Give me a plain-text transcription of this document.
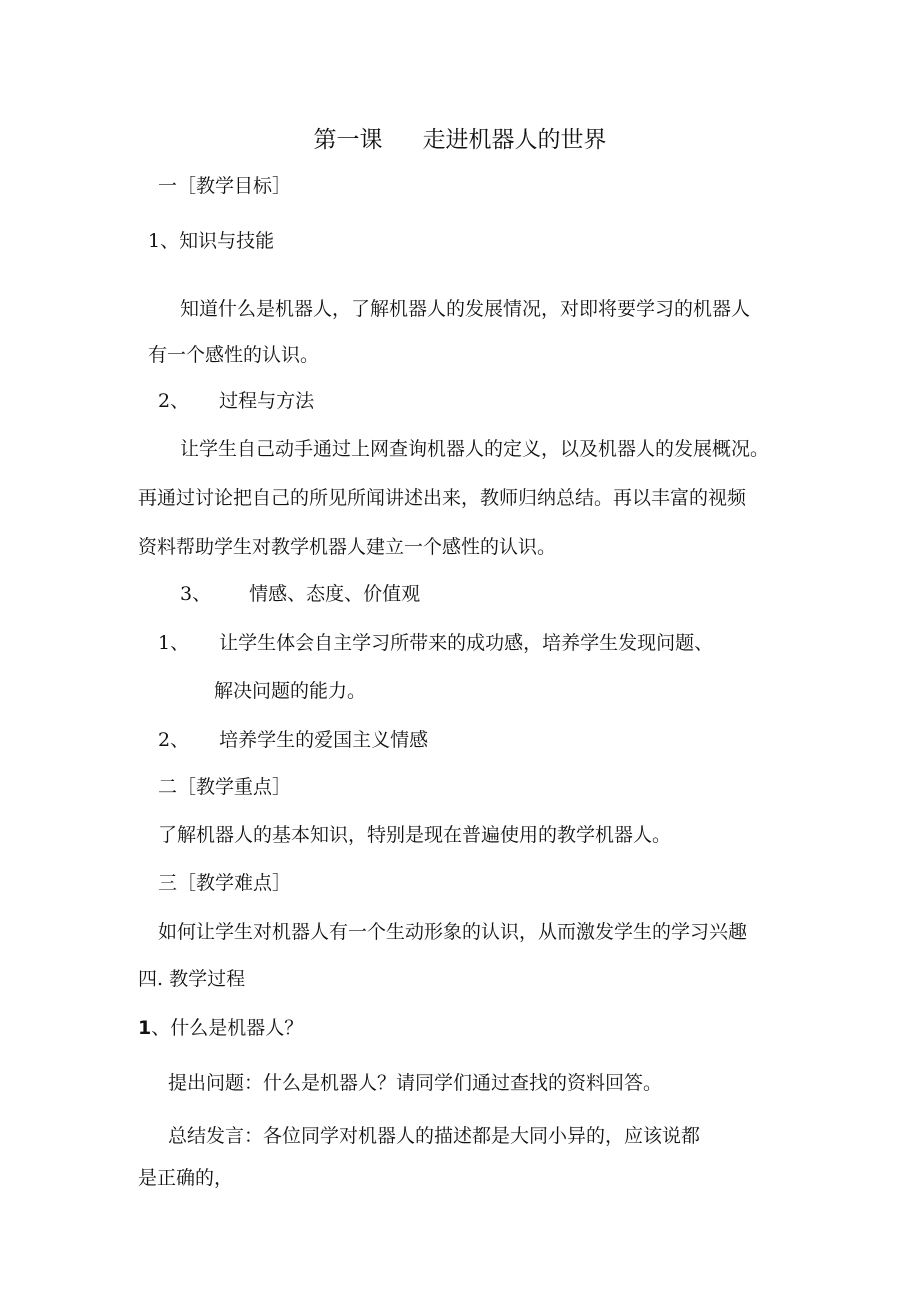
第一课 走进机器人的世界
一［教学目标］
1、知识与技能
知道什么是机器人，了解机器人的发展情况，对即将要学习的机器人
有一个感性的认识。
2、 过程与方法
让学生自己动手通过上网查询机器人的定义，以及机器人的发展概况。
再通过讨论把自己的所见所闻讲述出来，教师归纳总结。再以丰富的视频
资料帮助学生对教学机器人建立一个感性的认识。
3、 情感、态度、价值观
1、 让学生体会自主学习所带来的成功感，培养学生发现问题、
解决问题的能力。
2、 培养学生的爱国主义情感
二［教学重点］
了解机器人的基本知识，特别是现在普遍使用的教学机器人。
三［教学难点］
如何让学生对机器人有一个生动形象的认识，从而激发学生的学习兴趣
四. 教学过程
1、什么是机器人？
提出问题：什么是机器人？请同学们通过查找的资料回答。
总结发言：各位同学对机器人的描述都是大同小异的，应该说都
是正确的，
